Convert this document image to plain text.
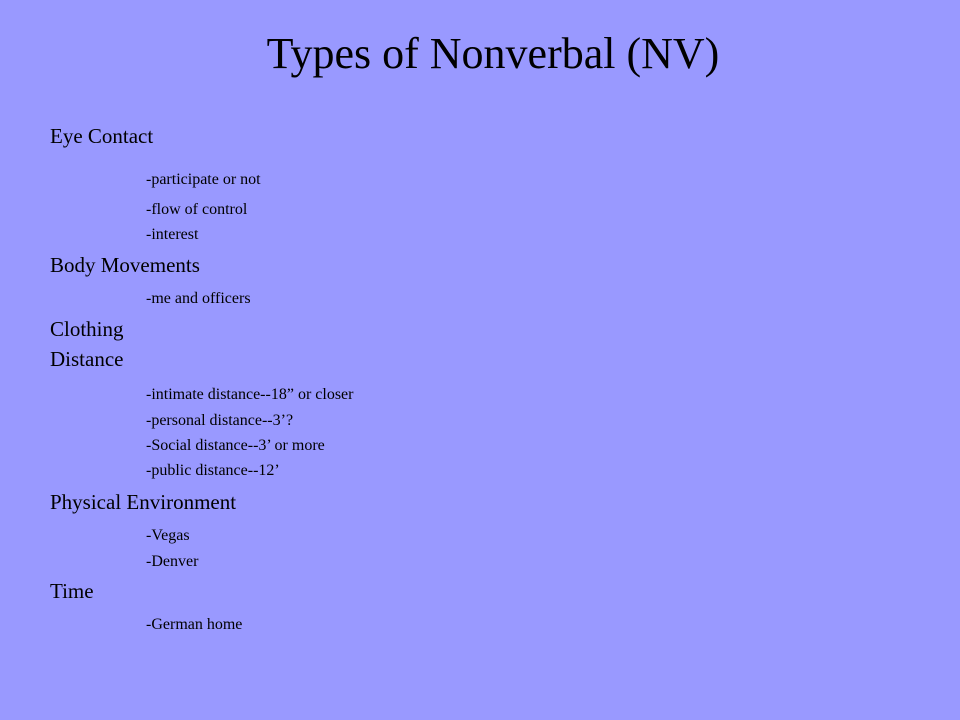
Types of Nonverbal (NV)
Eye Contact
-participate or not
-flow of control
-interest
Body Movements
-me and officers
Clothing
Distance
-intimate distance--18” or closer
-personal distance--3’?
-Social distance--3’ or more
-public distance--12’
Physical Environment
-Vegas
-Denver
Time
-German home
